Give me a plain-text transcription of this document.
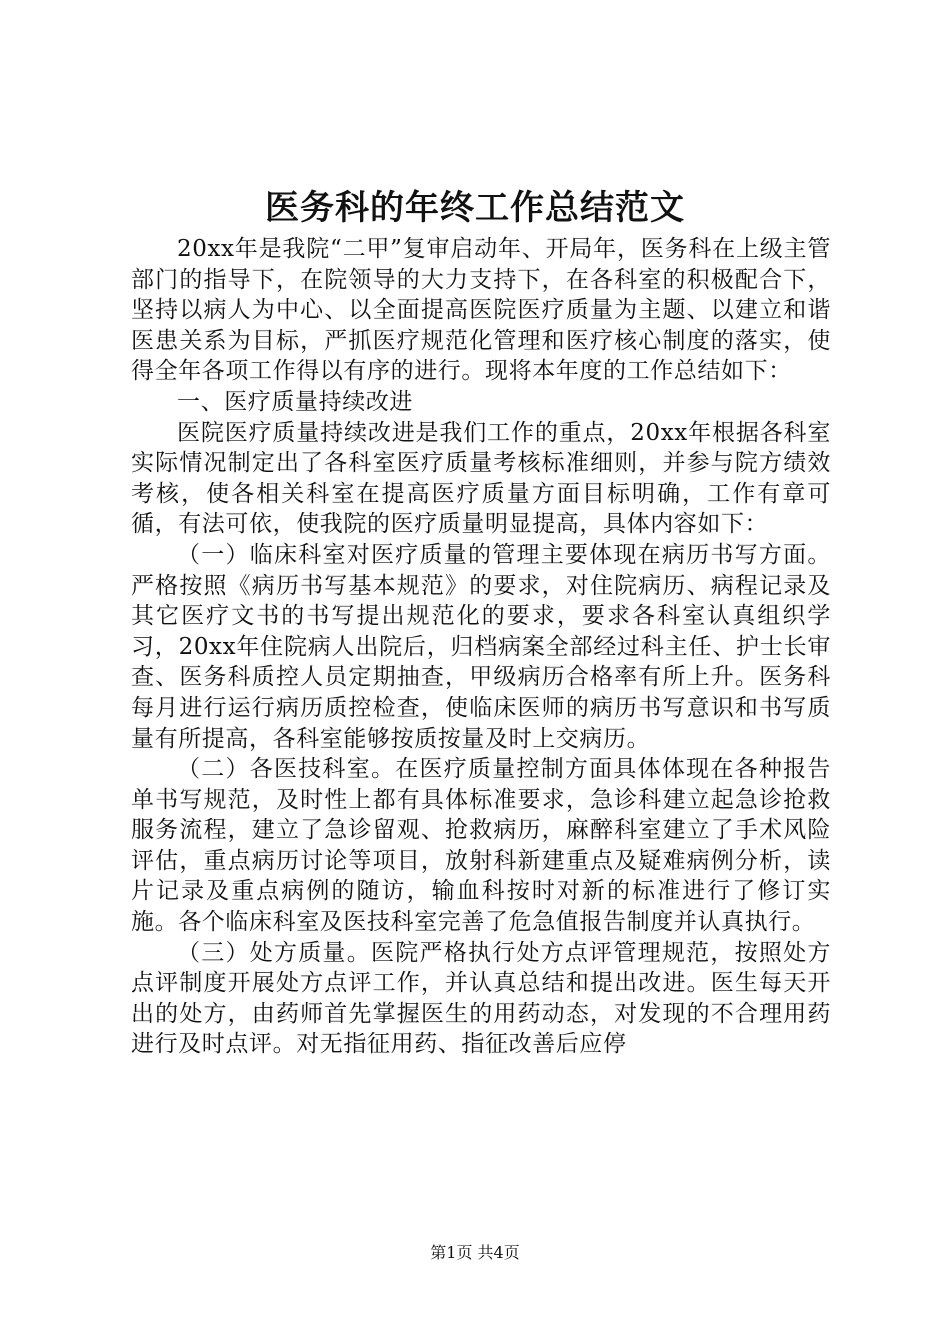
医务科的年终工作总结范文

20xx年是我院“二甲”复审启动年、开局年，医务科在上级主管部门的指导下，在院领导的大力支持下，在各科室的积极配合下，坚持以病人为中心、以全面提高医院医疗质量为主题、以建立和谐医患关系为目标，严抓医疗规范化管理和医疗核心制度的落实，使得全年各项工作得以有序的进行。现将本年度的工作总结如下：

一、医疗质量持续改进

医院医疗质量持续改进是我们工作的重点，20xx年根据各科室实际情况制定出了各科室医疗质量考核标准细则，并参与院方绩效考核，使各相关科室在提高医疗质量方面目标明确，工作有章可循，有法可依，使我院的医疗质量明显提高，具体内容如下：

（一）临床科室对医疗质量的管理主要体现在病历书写方面。严格按照《病历书写基本规范》的要求，对住院病历、病程记录及其它医疗文书的书写提出规范化的要求，要求各科室认真组织学习，20xx年住院病人出院后，归档病案全部经过科主任、护士长审查、医务科质控人员定期抽查，甲级病历合格率有所上升。医务科每月进行运行病历质控检查，使临床医师的病历书写意识和书写质量有所提高，各科室能够按质按量及时上交病历。

（二）各医技科室。在医疗质量控制方面具体体现在各种报告单书写规范，及时性上都有具体标准要求，急诊科建立起急诊抢救服务流程，建立了急诊留观、抢救病历，麻醉科室建立了手术风险评估，重点病历讨论等项目，放射科新建重点及疑难病例分析，读片记录及重点病例的随访，输血科按时对新的标准进行了修订实施。各个临床科室及医技科室完善了危急值报告制度并认真执行。

（三）处方质量。医院严格执行处方点评管理规范，按照处方点评制度开展处方点评工作，并认真总结和提出改进。医生每天开出的处方，由药师首先掌握医生的用药动态，对发现的不合理用药进行及时点评。对无指征用药、指征改善后应停

第1页 共4页
